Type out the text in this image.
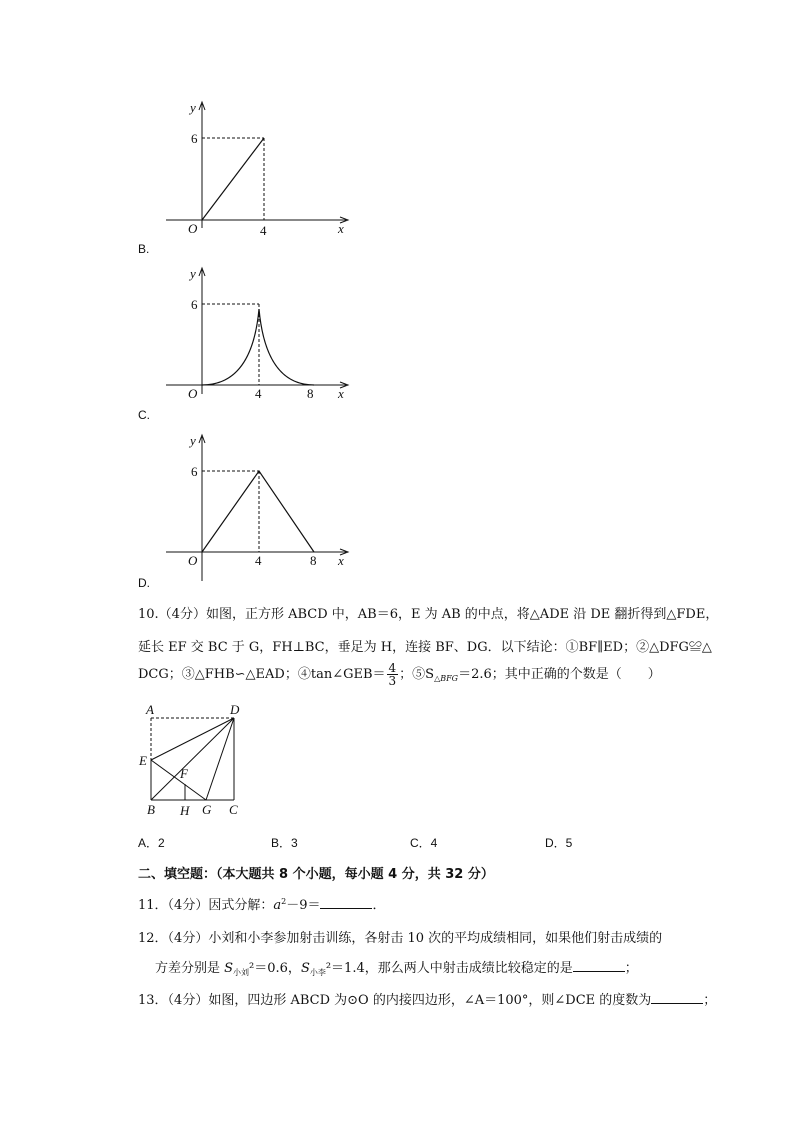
y
6
O	4	x
B.
y
6
O	4	8 x
C.
y
6
O	4	8 x
D.
10.（4分）如图，正方形 ABCD 中，AB＝6，E 为 AB 的中点，将△ADE 沿 DE 翻折得到△FDE，
延长 EF 交 BC 于 G，FH⊥BC，垂足为 H，连接 BF、DG．以下结论：①BF∥ED；②△DFG≌△
DCG；③△FHB∽△EAD；④tan∠GEB＝ $\frac{4}{3}$ ；$⑤S_{\triangle BFG}=2.6$；其中正确的个数是（　　）
A	D
E
F
B H G C
A．2	B．3	C．4	D．5
二、填空题：（本大题共 8 个小题，每小题 4 分，共 32 分）
11．（4分）因式分解：$a^2-9=$	．
12．（4分）小刘和小李参加射击训练，各射击 10 次的平均成绩相同，如果他们射击成绩的
方差分别是 $S_{小刘}^2=0.6$，$S_{小李}^2=1.4$，那么两人中射击成绩比较稳定的是	；
13．（4分）如图，四边形 ABCD 为⊙O 的内接四边形，∠A＝100°，则∠DCE 的度数为	；
